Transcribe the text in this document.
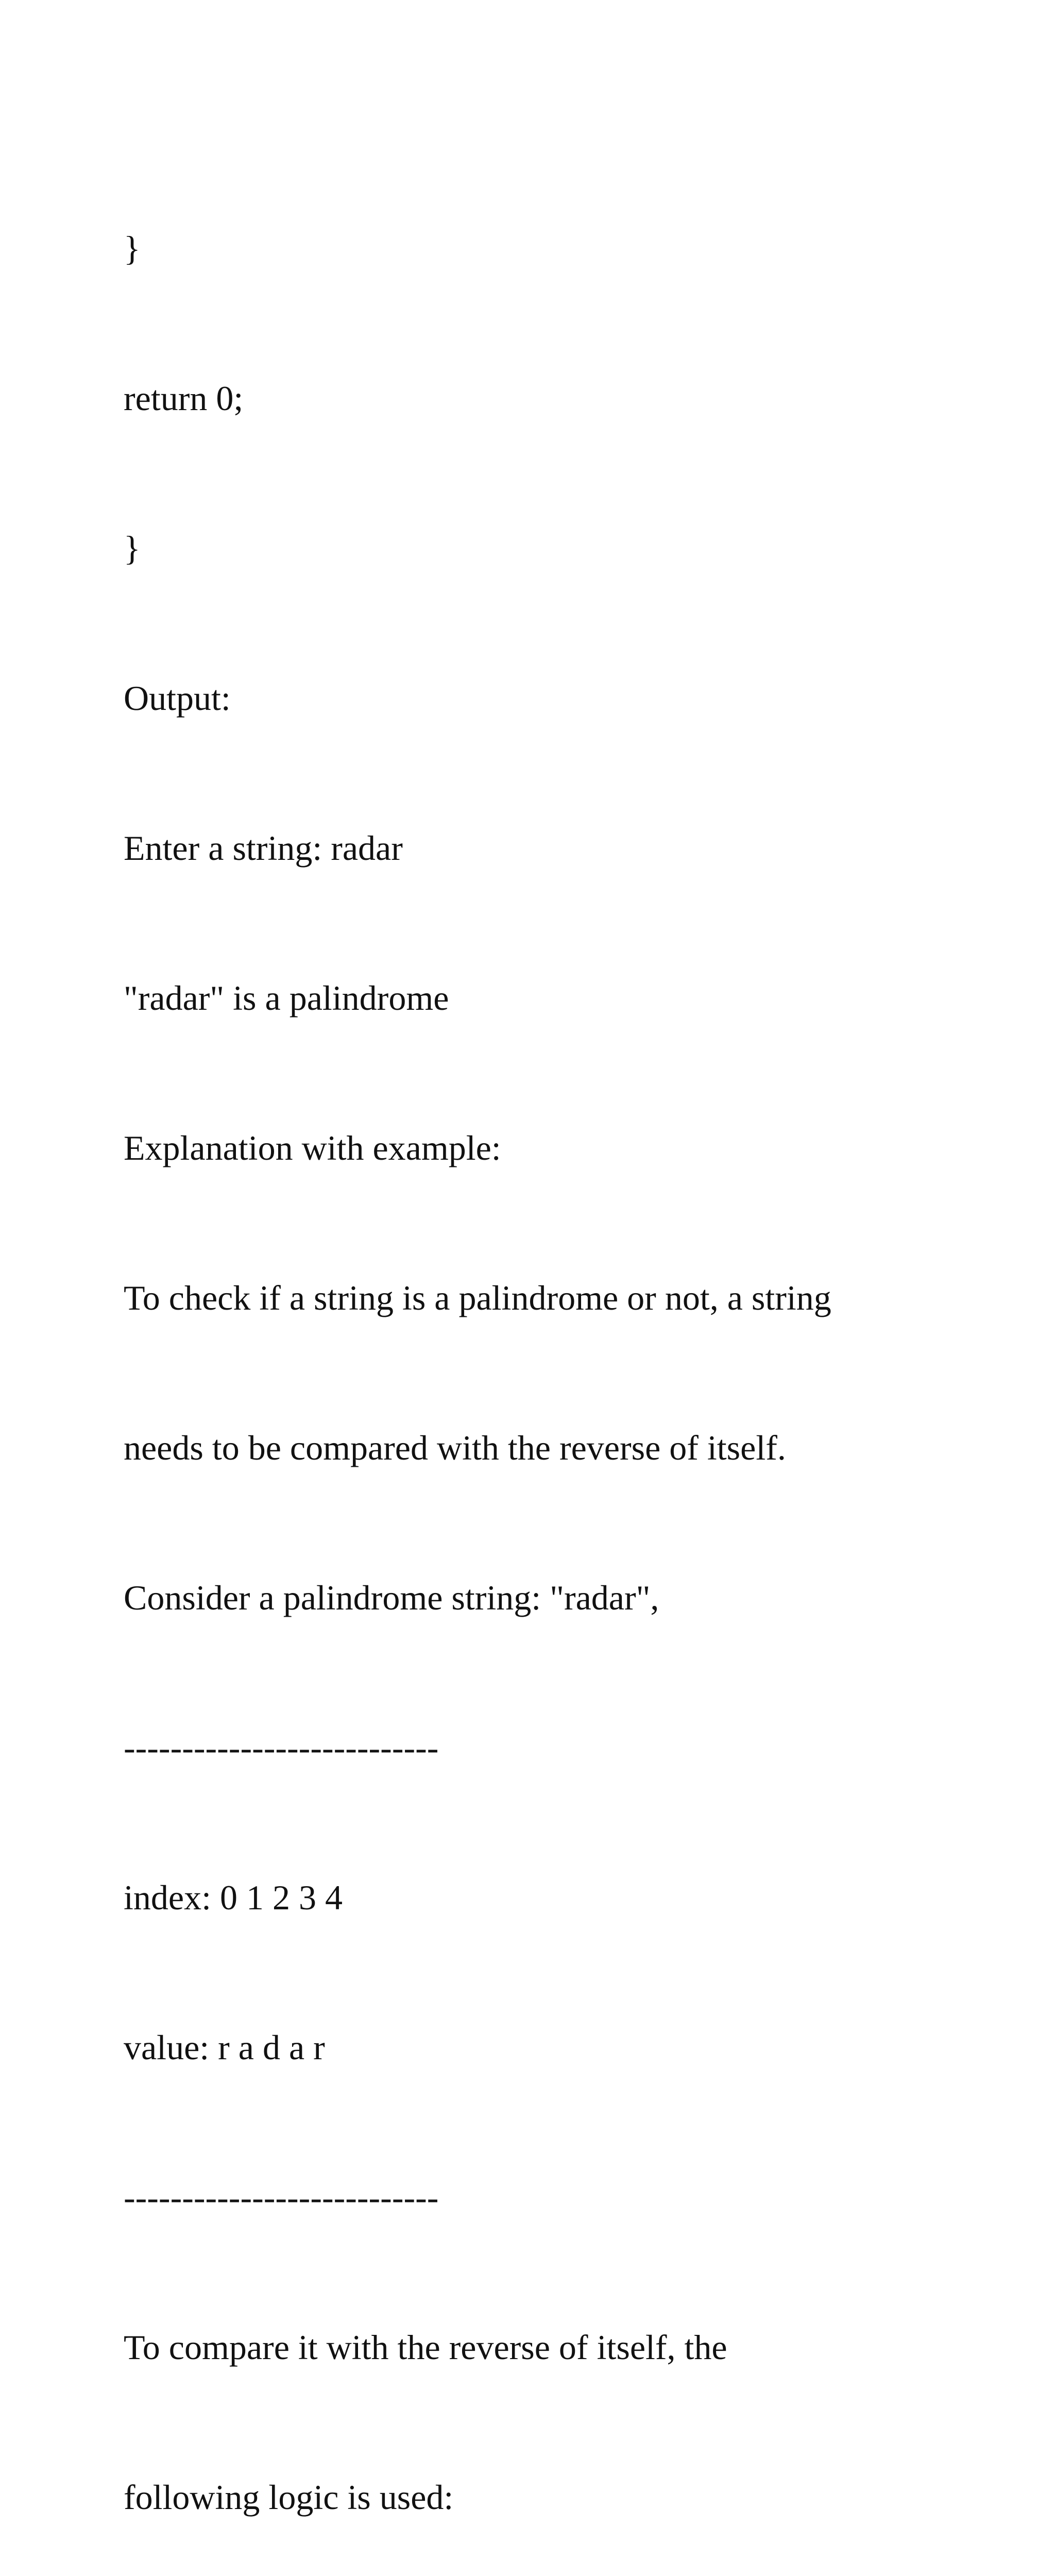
}

return 0;

}

Output:

Enter a string: radar

"radar" is a palindrome

Explanation with example:

To check if a string is a palindrome or not, a string

needs to be compared with the reverse of itself.

Consider a palindrome string: "radar",

---------------------------

index: 0 1 2 3 4

value: r a d a r

---------------------------

To compare it with the reverse of itself, the

following logic is used:
